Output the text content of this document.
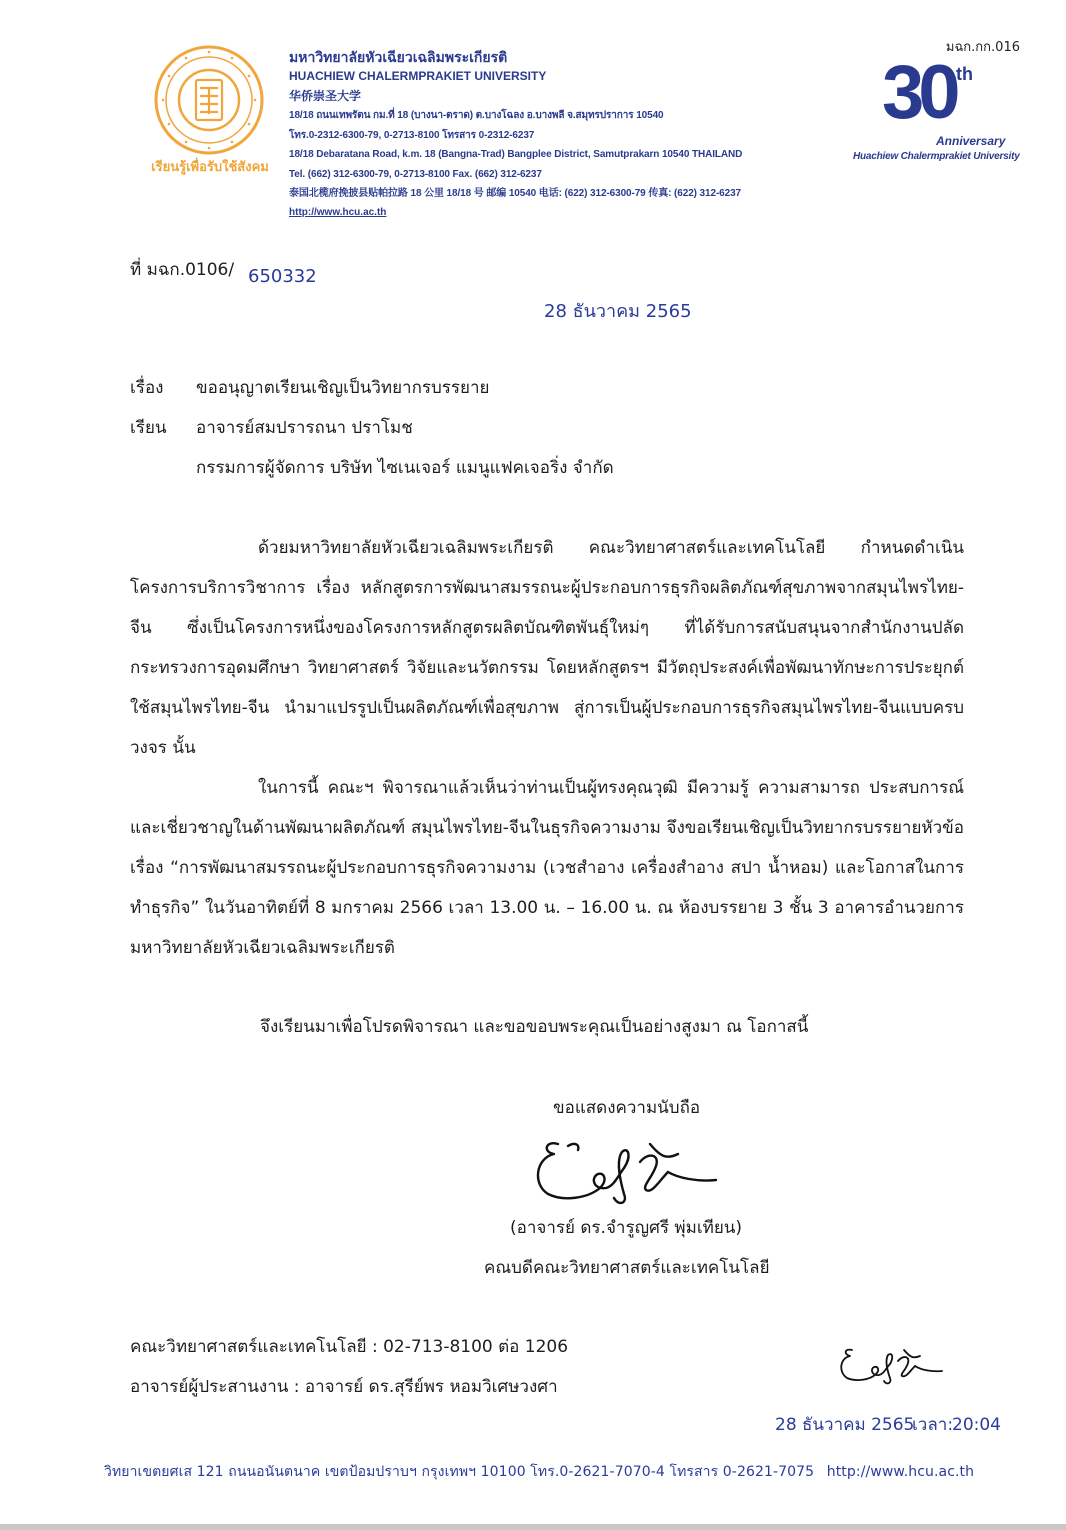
เรียนรู้เพื่อรับใช้สังคม
มหาวิทยาลัยหัวเฉียวเฉลิมพระเกียรติ
HUACHIEW CHALERMPRAKIET UNIVERSITY
华侨崇圣大学
18/18 ถนนเทพรัตน กม.ที่ 18 (บางนา-ตราด) ต.บางโฉลง อ.บางพลี จ.สมุทรปราการ 10540
โทร.0-2312-6300-79, 0-2713-8100 โทรสาร 0-2312-6237
18/18 Debaratana Road, k.m. 18 (Bangna-Trad) Bangplee District, Samutprakarn 10540 THAILAND
Tel. (662) 312-6300-79, 0-2713-8100 Fax. (662) 312-6237
泰国北榄府挽披县贴帕拉路 18 公里 18/18 号 邮编 10540 电话: (622) 312-6300-79 传真: (622) 312-6237
http://www.hcu.ac.th
มฉก.กก.016
30 th
Anniversary
Huachiew Chalermprakiet University
ที่ มฉก.0106/ 650332
28 ธันวาคม 2565
เรื่อง ขออนุญาตเรียนเชิญเป็นวิทยากรบรรยาย
เรียน อาจารย์สมปรารถนา ปราโมช
กรรมการผู้จัดการ บริษัท ไซเนเจอร์ แมนูแฟคเจอริ่ง จำกัด

ด้วยมหาวิทยาลัยหัวเฉียวเฉลิมพระเกียรติ คณะวิทยาศาสตร์และเทคโนโลยี กำหนดดำเนินโครงการบริการวิชาการ เรื่อง หลักสูตรการพัฒนาสมรรถนะผู้ประกอบการธุรกิจผลิตภัณฑ์สุขภาพจากสมุนไพรไทย-จีน ซึ่งเป็นโครงการหนึ่งของโครงการหลักสูตรผลิตบัณฑิตพันธุ์ใหม่ๆ ที่ได้รับการสนับสนุนจากสำนักงานปลัดกระทรวงการอุดมศึกษา วิทยาศาสตร์ วิจัยและนวัตกรรม โดยหลักสูตรฯ มีวัตถุประสงค์เพื่อพัฒนาทักษะการประยุกต์ใช้สมุนไพรไทย-จีน นำมาแปรรูปเป็นผลิตภัณฑ์เพื่อสุขภาพ สู่การเป็นผู้ประกอบการธุรกิจสมุนไพรไทย-จีนแบบครบวงจร นั้น

ในการนี้ คณะฯ พิจารณาแล้วเห็นว่าท่านเป็นผู้ทรงคุณวุฒิ มีความรู้ ความสามารถ ประสบการณ์และเชี่ยวชาญในด้านพัฒนาผลิตภัณฑ์ สมุนไพรไทย-จีนในธุรกิจความงาม จึงขอเรียนเชิญเป็นวิทยากรบรรยายหัวข้อเรื่อง “การพัฒนาสมรรถนะผู้ประกอบการธุรกิจความงาม (เวชสำอาง เครื่องสำอาง สปา น้ำหอม) และโอกาสในการทำธุรกิจ” ในวันอาทิตย์ที่ 8 มกราคม 2566 เวลา 13.00 น. – 16.00 น. ณ ห้องบรรยาย 3 ชั้น 3 อาคารอำนวยการ มหาวิทยาลัยหัวเฉียวเฉลิมพระเกียรติ

จึงเรียนมาเพื่อโปรดพิจารณา และขอขอบพระคุณเป็นอย่างสูงมา ณ โอกาสนี้
ขอแสดงความนับถือ
(อาจารย์ ดร.จำรูญศรี พุ่มเทียน)
คณบดีคณะวิทยาศาสตร์และเทคโนโลยี
คณะวิทยาศาสตร์และเทคโนโลยี : 02-713-8100 ต่อ 1206
อาจารย์ผู้ประสานงาน : อาจารย์ ดร.สุรีย์พร หอมวิเศษวงศา
28 ธันวาคม 2565
เวลา:
20:04
วิทยาเขตยศเส 121 ถนนอนันตนาค เขตป้อมปราบฯ กรุงเทพฯ 10100 โทร.0-2621-7070-4 โทรสาร 0-2621-7075 http://www.hcu.ac.th
